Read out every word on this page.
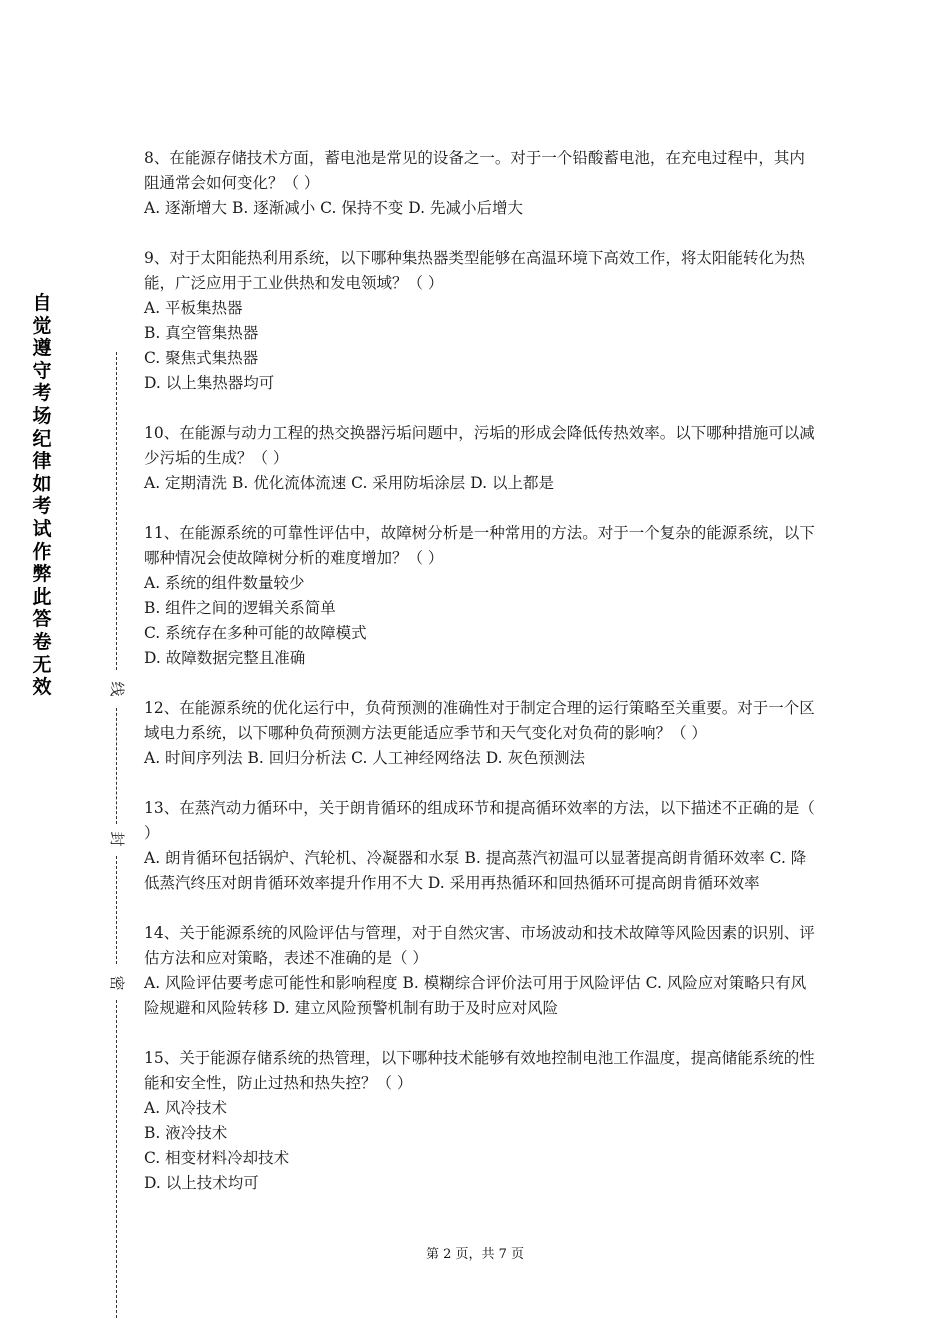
自觉遵守考场纪律如考试作弊此答卷无效	线
封
密

8、在能源存储技术方面，蓄电池是常见的设备之一。对于一个铅酸蓄电池，在充电过程中，其内阻通常会如何变化？（ ）

A. 逐渐增大 B. 逐渐减小 C. 保持不变 D. 先减小后增大

9、对于太阳能热利用系统，以下哪种集热器类型能够在高温环境下高效工作，将太阳能转化为热能，广泛应用于工业供热和发电领域？（ ）

A. 平板集热器

B. 真空管集热器

C. 聚焦式集热器

D. 以上集热器均可

10、在能源与动力工程的热交换器污垢问题中，污垢的形成会降低传热效率。以下哪种措施可以减少污垢的生成？（ ）

A. 定期清洗 B. 优化流体流速 C. 采用防垢涂层 D. 以上都是

11、在能源系统的可靠性评估中，故障树分析是一种常用的方法。对于一个复杂的能源系统，以下哪种情况会使故障树分析的难度增加？（ ）

A. 系统的组件数量较少

B. 组件之间的逻辑关系简单

C. 系统存在多种可能的故障模式

D. 故障数据完整且准确

12、在能源系统的优化运行中，负荷预测的准确性对于制定合理的运行策略至关重要。对于一个区域电力系统，以下哪种负荷预测方法更能适应季节和天气变化对负荷的影响？（ ）

A. 时间序列法 B. 回归分析法 C. 人工神经网络法 D. 灰色预测法

13、在蒸汽动力循环中，关于朗肯循环的组成环节和提高循环效率的方法，以下描述不正确的是（ ）

A. 朗肯循环包括锅炉、汽轮机、冷凝器和水泵 B. 提高蒸汽初温可以显著提高朗肯循环效率 C. 降低蒸汽终压对朗肯循环效率提升作用不大 D. 采用再热循环和回热循环可提高朗肯循环效率

14、关于能源系统的风险评估与管理，对于自然灾害、市场波动和技术故障等风险因素的识别、评估方法和应对策略，表述不准确的是（ ）

A. 风险评估要考虑可能性和影响程度 B. 模糊综合评价法可用于风险评估 C. 风险应对策略只有风险规避和风险转移 D. 建立风险预警机制有助于及时应对风险

15、关于能源存储系统的热管理，以下哪种技术能够有效地控制电池工作温度，提高储能系统的性能和安全性，防止过热和热失控？（ ）

A. 风冷技术

B. 液冷技术

C. 相变材料冷却技术

D. 以上技术均可

第 2 页，共 7 页
